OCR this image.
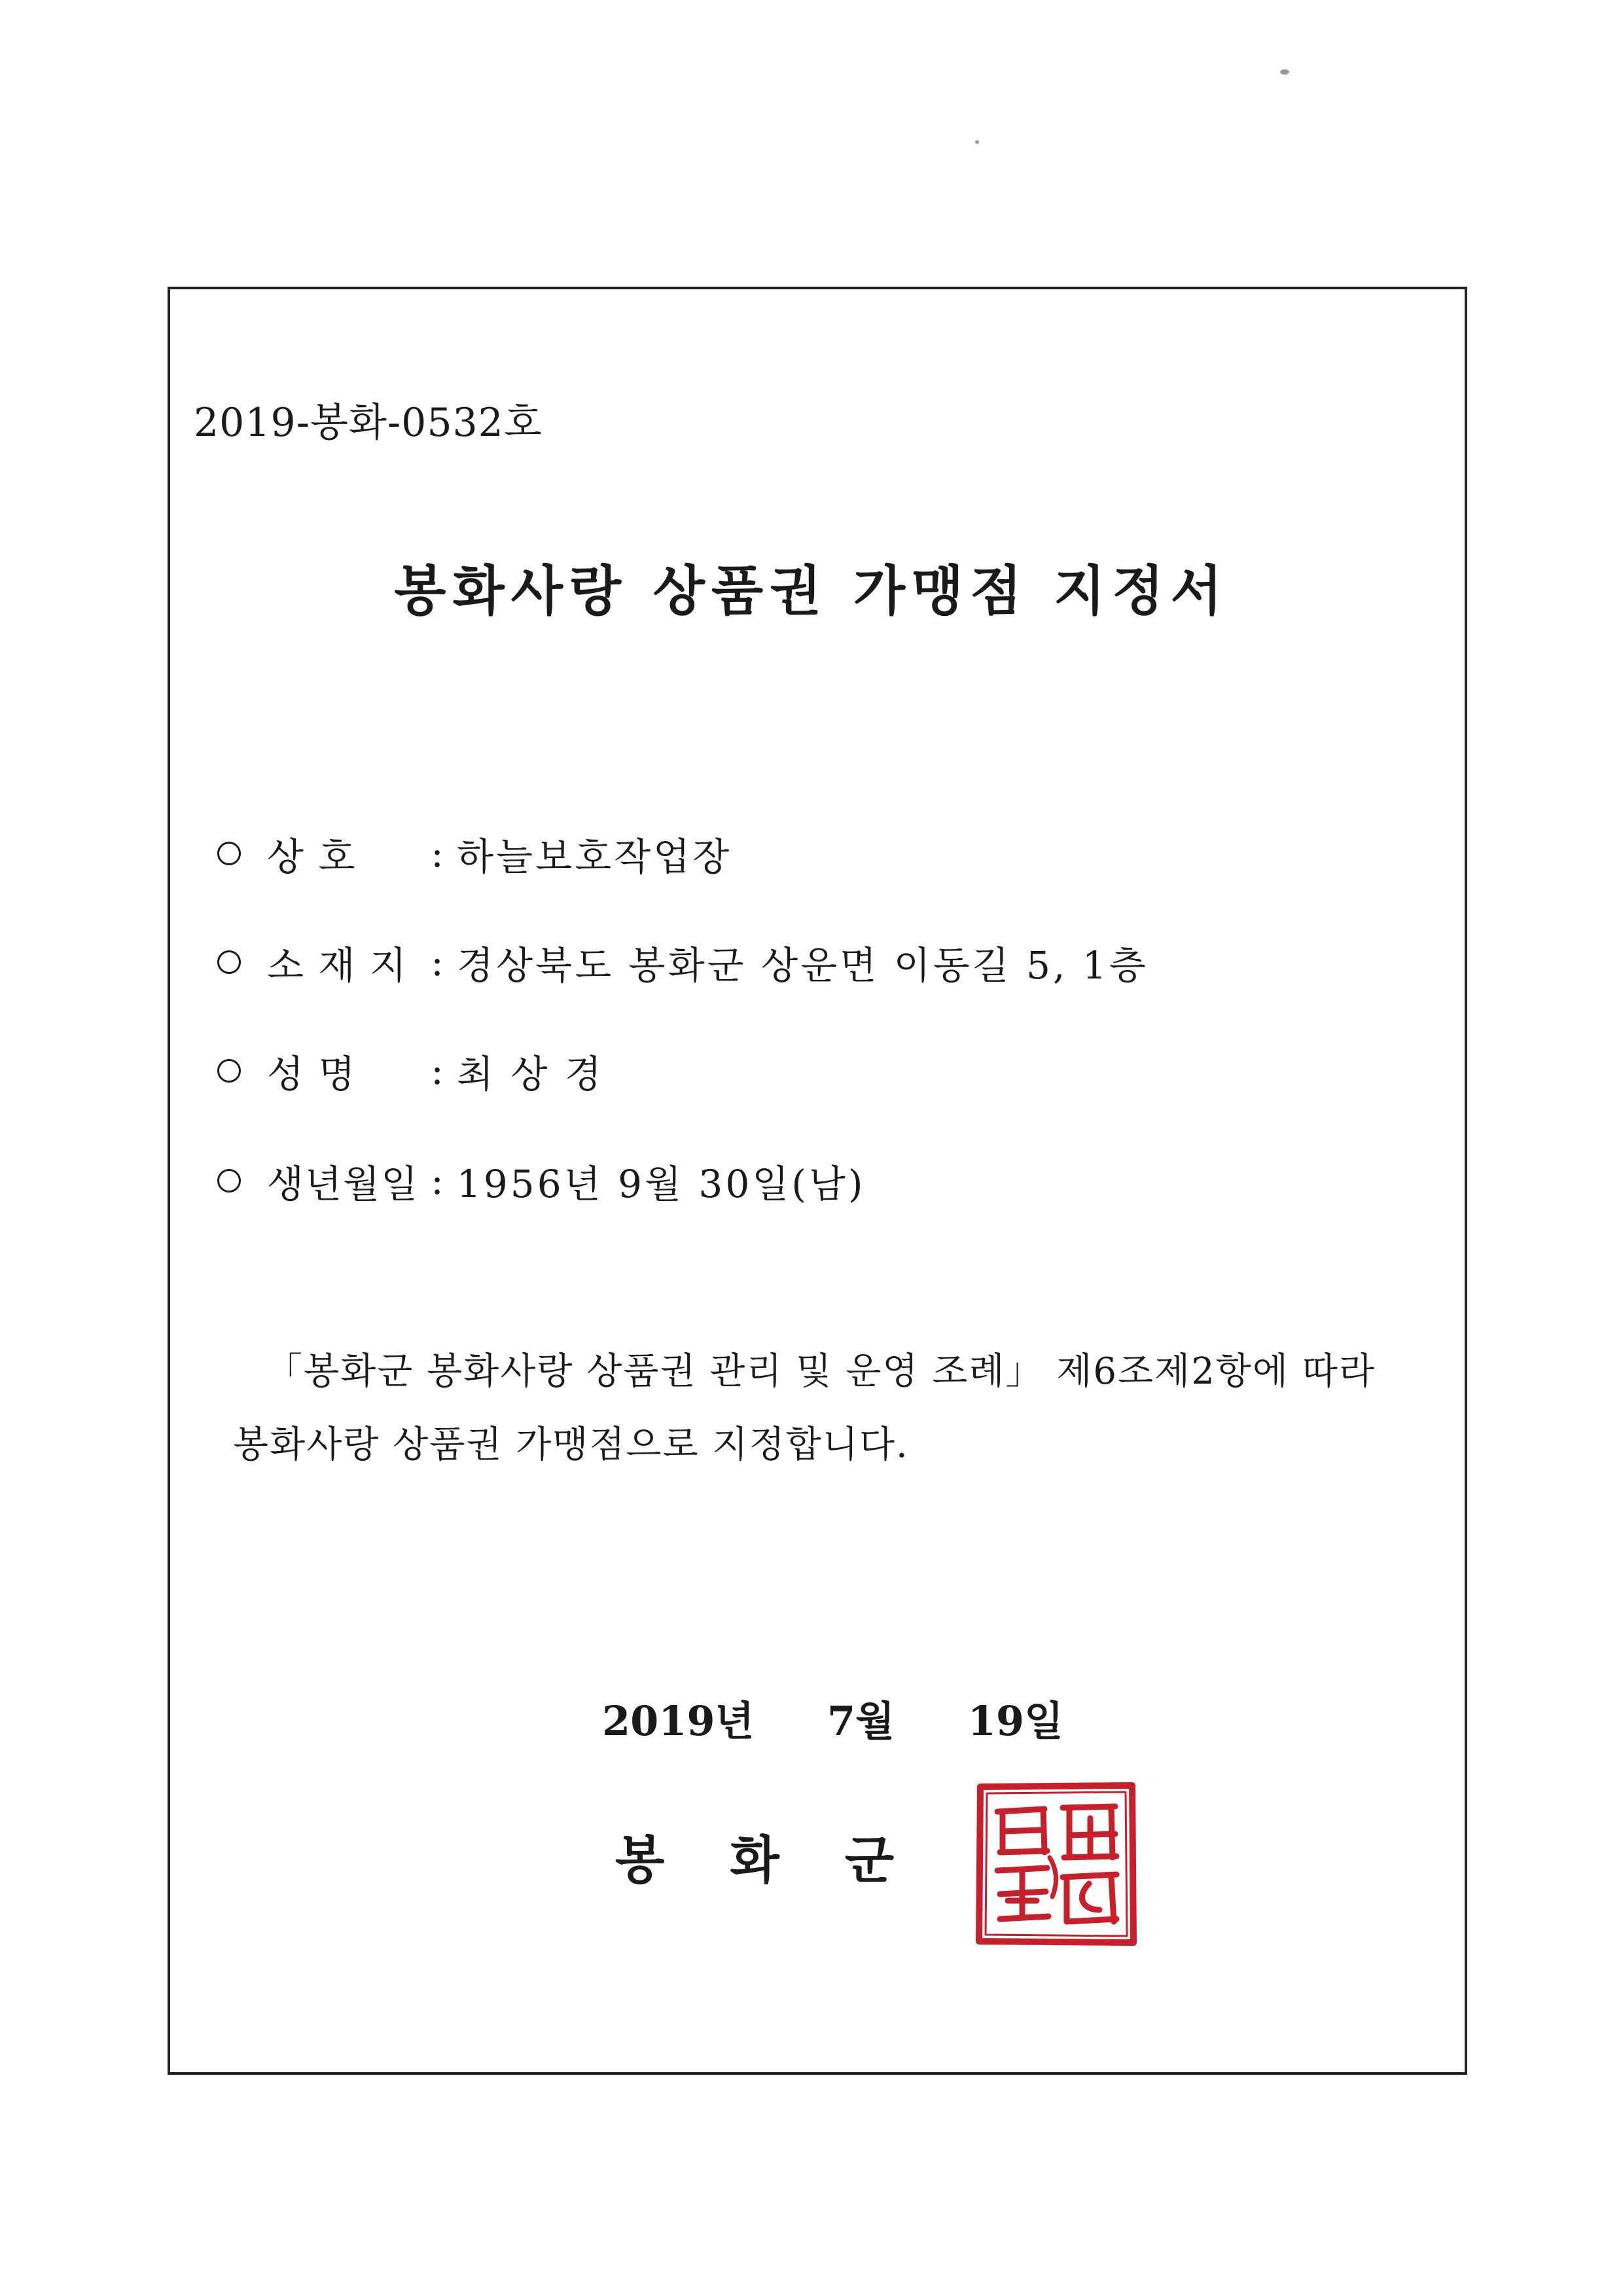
2019-봉화-0532호
봉화사랑 상품권 가맹점 지정서
상 호	: 하늘보호작업장
소 재 지 : 경상북도 봉화군 상운면 이동길 5, 1층
성 명	: 최 상 경
생년월일 : 1956년 9월 30일(남)
「봉화군 봉화사랑 상품권 관리 및 운영 조례」 제6조제2항에 따라
봉화사랑 상품권 가맹점으로 지정합니다.
2019년 7월 19일
봉화군
